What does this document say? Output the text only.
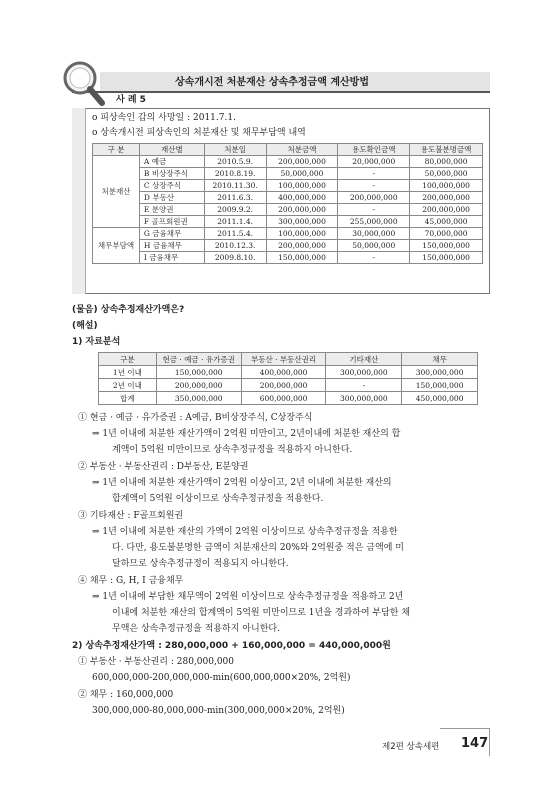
상속개시전 처분재산 상속추정금액 계산방법
사 례 5
o 피상속인 갑의 사망일 : 2011.7.1.
o 상속개시전 피상속인의 처분재산 및 채무부담액 내역
구 분	재산별	처분일	처분금액	용도확인금액	용도불분명금액
처분재산	A 예금	2010.5.9.	200,000,000	20,000,000	80,000,000
	B 비상장주식	2010.8.19.	50,000,000	-	50,000,000
	C 상장주식	2010.11.30.	100,000,000	-	100,000,000
	D 부동산	2011.6.3.	400,000,000	200,000,000	200,000,000
	E 분양권	2009.9.2.	200,000,000	-	200,000,000
	F 골프회원권	2011.1.4.	300,000,000	255,000,000	45,000,000
채무부담액	G 금융채무	2011.5.4.	100,000,000	30,000,000	70,000,000
	H 금융채무	2010.12.3.	200,000,000	50,000,000	150,000,000
	I 금융채무	2009.8.10.	150,000,000	-	150,000,000
(물음) 상속추정재산가액은?
(해설)
1) 자료분석
구분	현금 · 예금 · 유가증권	부동산 · 부동산권리	기타재산	채무
1년 이내	150,000,000	400,000,000	300,000,000	300,000,000
2년 이내	200,000,000	200,000,000	-	150,000,000
합계	350,000,000	600,000,000	300,000,000	450,000,000
① 현금 · 예금 · 유가증권 : A예금, B비상장주식, C상장주식
⇒ 1년 이내에 처분한 재산가액이 2억원 미만이고, 2년이내에 처분한 재산의 합
계액이 5억원 미만이므로 상속추정규정을 적용하지 아니한다.
② 부동산 · 부동산권리 : D부동산, E분양권
⇒ 1년 이내에 처분한 재산가액이 2억원 이상이고, 2년 이내에 처분한 재산의
합계액이 5억원 이상이므로 상속추정규정을 적용한다.
③ 기타재산 : F골프회원권
⇒ 1년 이내에 처분한 재산의 가액이 2억원 이상이므로 상속추정규정을 적용한
다. 다만, 용도불분명한 금액이 처분재산의 20%와 2억원중 적은 금액에 미
달하므로 상속추정규정이 적용되지 아니한다.
④ 채무 : G, H, I 금융채무
⇒ 1년 이내에 부담한 채무액이 2억원 이상이므로 상속추정규정을 적용하고 2년
이내에 처분한 재산의 합계액이 5억원 미만이므로 1년을 경과하여 부담한 채
무액은 상속추정규정을 적용하지 아니한다.
2) 상속추정재산가액 : 280,000,000 + 160,000,000 = 440,000,000원
① 부동산 · 부동산권리 : 280,000,000
600,000,000-200,000,000-min(600,000,000×20%, 2억원)
② 채무 : 160,000,000
300,000,000-80,000,000-min(300,000,000×20%, 2억원)
제2편 상속세편 147
